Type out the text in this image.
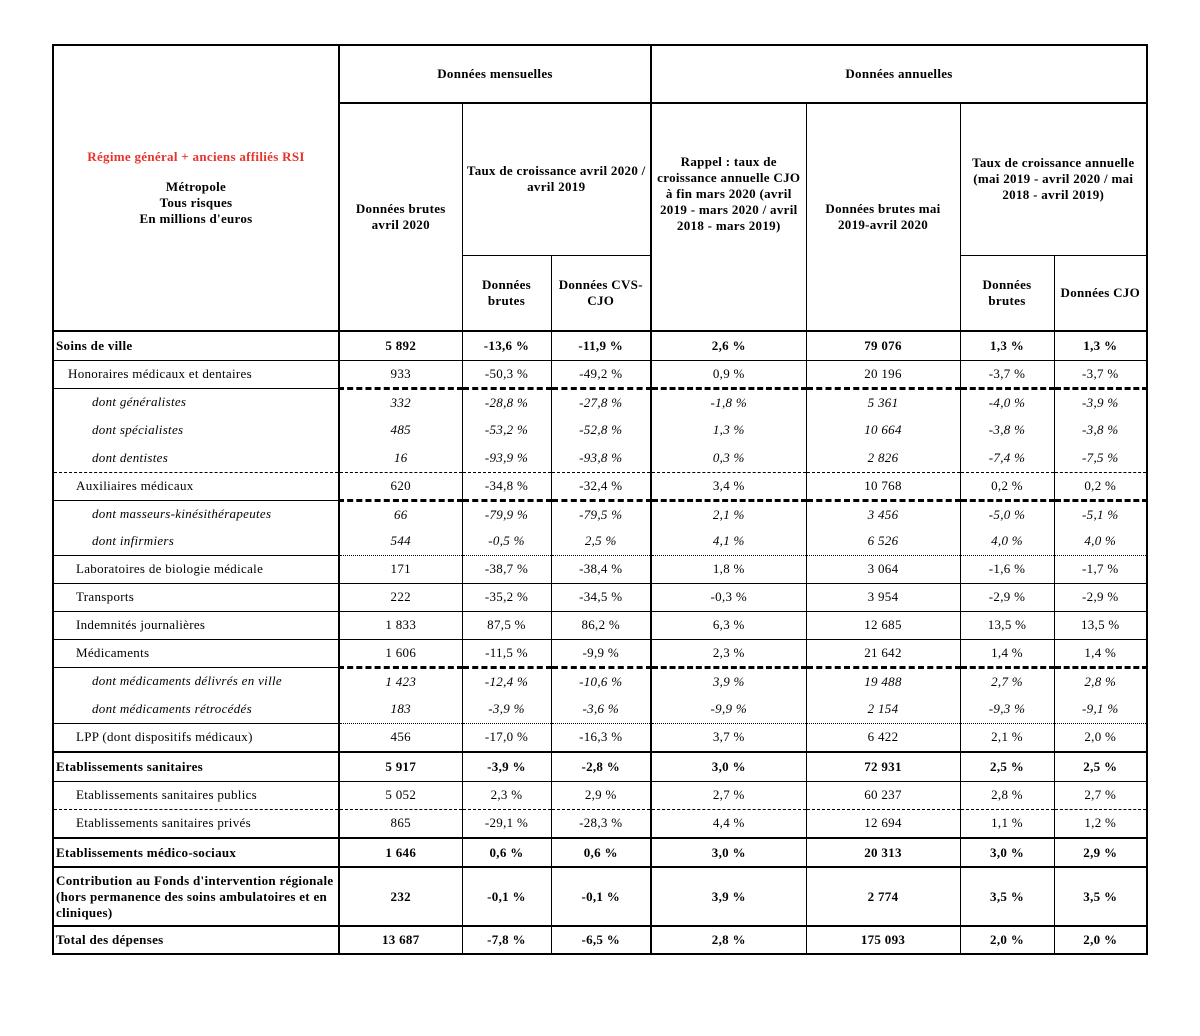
Régime général + anciens affiliés RSI
Métropole
Tous risques
En millions d'euros	Données mensuelles			Données annuelles			
	Données brutes avril 2020	Taux de croissance avril 2020 / avril 2019		Rappel : taux de croissance annuelle CJO à fin mars 2020 (avril 2019 - mars 2020 / avril 2018 - mars 2019)	Données brutes mai 2019-avril 2020	Taux de croissance annuelle (mai 2019 - avril 2020 / mai 2018 - avril 2019)	
		Données brutes	Données CVS-CJO			Données brutes	Données CJO
Soins de ville	5 892	-13,6 %	-11,9 %	2,6 %	79 076	1,3 %	1,3 %
Honoraires médicaux et dentaires	933	-50,3 %	-49,2 %	0,9 %	20 196	-3,7 %	-3,7 %
dont généralistes	332	-28,8 %	-27,8 %	-1,8 %	5 361	-4,0 %	-3,9 %
dont spécialistes	485	-53,2 %	-52,8 %	1,3 %	10 664	-3,8 %	-3,8 %
dont dentistes	16	-93,9 %	-93,8 %	0,3 %	2 826	-7,4 %	-7,5 %
Auxiliaires médicaux	620	-34,8 %	-32,4 %	3,4 %	10 768	0,2 %	0,2 %
dont masseurs-kinésithérapeutes	66	-79,9 %	-79,5 %	2,1 %	3 456	-5,0 %	-5,1 %
dont infirmiers	544	-0,5 %	2,5 %	4,1 %	6 526	4,0 %	4,0 %
Laboratoires de biologie médicale	171	-38,7 %	-38,4 %	1,8 %	3 064	-1,6 %	-1,7 %
Transports	222	-35,2 %	-34,5 %	-0,3 %	3 954	-2,9 %	-2,9 %
Indemnités journalières	1 833	87,5 %	86,2 %	6,3 %	12 685	13,5 %	13,5 %
Médicaments	1 606	-11,5 %	-9,9 %	2,3 %	21 642	1,4 %	1,4 %
dont médicaments délivrés en ville	1 423	-12,4 %	-10,6 %	3,9 %	19 488	2,7 %	2,8 %
dont médicaments rétrocédés	183	-3,9 %	-3,6 %	-9,9 %	2 154	-9,3 %	-9,1 %
LPP (dont dispositifs médicaux)	456	-17,0 %	-16,3 %	3,7 %	6 422	2,1 %	2,0 %
Etablissements sanitaires	5 917	-3,9 %	-2,8 %	3,0 %	72 931	2,5 %	2,5 %
Etablissements sanitaires publics	5 052	2,3 %	2,9 %	2,7 %	60 237	2,8 %	2,7 %
Etablissements sanitaires privés	865	-29,1 %	-28,3 %	4,4 %	12 694	1,1 %	1,2 %
Etablissements médico-sociaux	1 646	0,6 %	0,6 %	3,0 %	20 313	3,0 %	2,9 %
Contribution au Fonds d'intervention régionale (hors permanence des soins ambulatoires et en cliniques)	232	-0,1 %	-0,1 %	3,9 %	2 774	3,5 %	3,5 %
Total des dépenses	13 687	-7,8 %	-6,5 %	2,8 %	175 093	2,0 %	2,0 %
